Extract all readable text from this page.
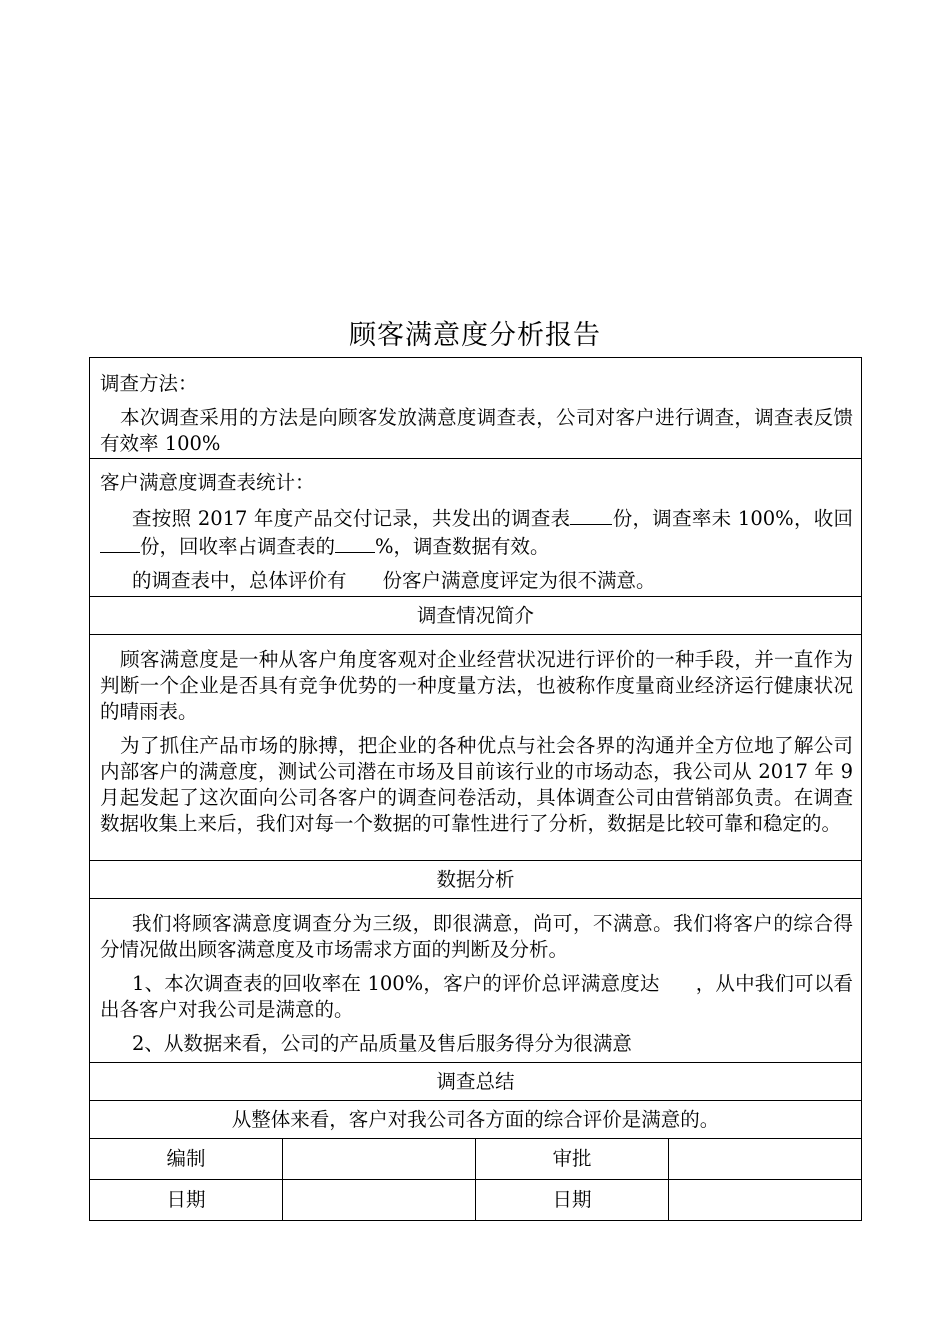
顾客满意度分析报告

调查方法：

本次调查采用的方法是向顾客发放满意度调查表，公司对客户进行调查，调查表反馈有效率 100%			

客户满意度调查表统计：

查按照 2017 年度产品交付记录，共发出的调查表 份，调查率未 100%，收回份，回收率占调查表的 %，调查数据有效。

的调查表中，总体评价有 份客户满意度评定为很不满意。			

调查情况简介			

顾客满意度是一种从客户角度客观对企业经营状况进行评价的一种手段，并一直作为判断一个企业是否具有竞争优势的一种度量方法，也被称作度量商业经济运行健康状况的晴雨表。

为了抓住产品市场的脉搏，把企业的各种优点与社会各界的沟通并全方位地了解公司内部客户的满意度，测试公司潜在市场及目前该行业的市场动态，我公司从 2017 年 9 月起发起了这次面向公司各客户的调查问卷活动，具体调查公司由营销部负责。在调查数据收集上来后，我们对每一个数据的可靠性进行了分析，数据是比较可靠和稳定的。			

数据分析			

我们将顾客满意度调查分为三级，即很满意，尚可，不满意。我们将客户的综合得分情况做出顾客满意度及市场需求方面的判断及分析。

1、本次调查表的回收率在 100%，客户的评价总评满意度达 ，从中我们可以看出各客户对我公司是满意的。

2、从数据来看，公司的产品质量及售后服务得分为很满意			

调查总结			
从整体来看，客户对我公司各方面的综合评价是满意的。			
编制		审批	
日期		日期	
